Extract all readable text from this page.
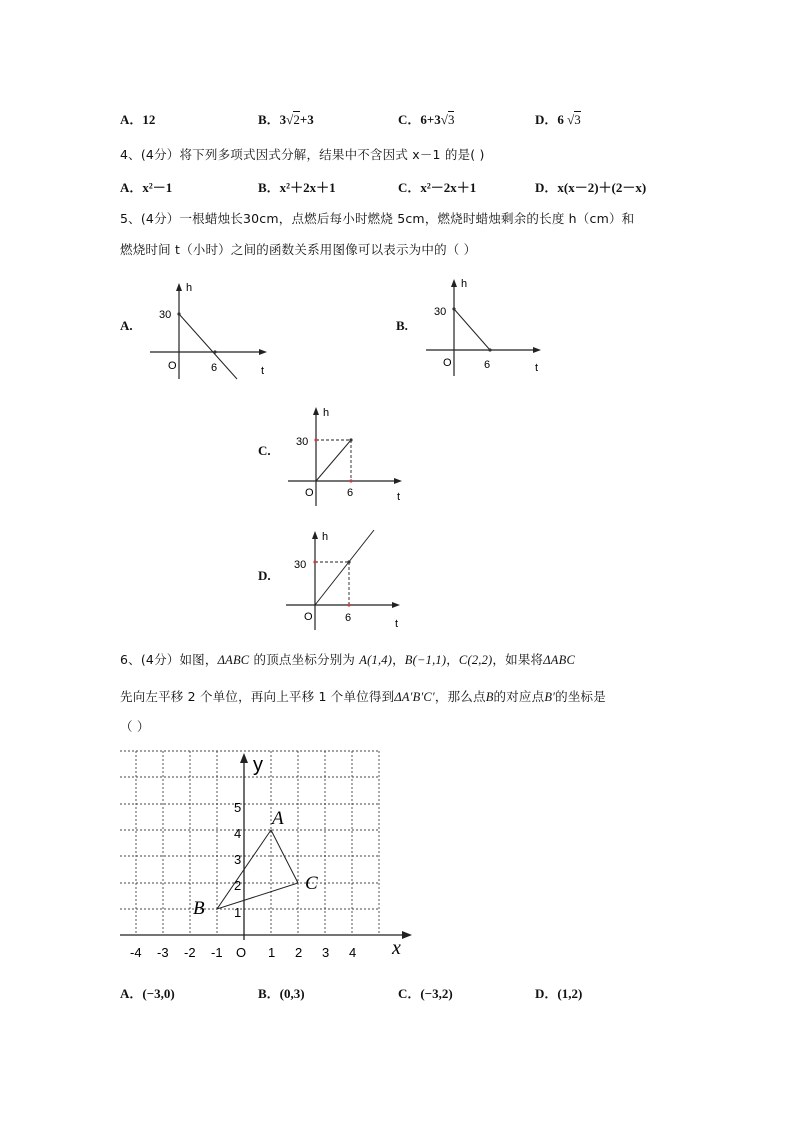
A．12	B．3√2+3	C．6+3√3	D．6 √3
4、(4分）将下列多项式因式分解，结果中不含因式 x－1 的是( )
A．x²－1	B．x²＋2x＋1	C．x²－2x＋1	D．x(x－2)＋(2－x)
5、(4分）一根蜡烛长30cm，点燃后每小时燃烧 5cm，燃烧时蜡烛剩余的长度 h（cm）和
燃烧时间 t（小时）之间的函数关系用图像可以表示为中的（ ）
A.	B.
C.
D.
h
30
O	6	t
h
30
O	6	t
h
30
O	6	t
h
30
O	6	t
6、(4分）如图，ΔABC 的顶点坐标分别为 A(1,4)，B(−1,1)，C(2,2)，如果将ΔABC
先向左平移 2 个单位，再向上平移 1 个单位得到ΔA′B′C′，那么点B的对应点B′的坐标是
（ ）
y
x
O
-4 -3 -2 -1	1 2 3 4
1
2
3
4
5
A
B
C
A．(−3,0)	B．(0,3)	C．(−3,2)	D．(1,2)
